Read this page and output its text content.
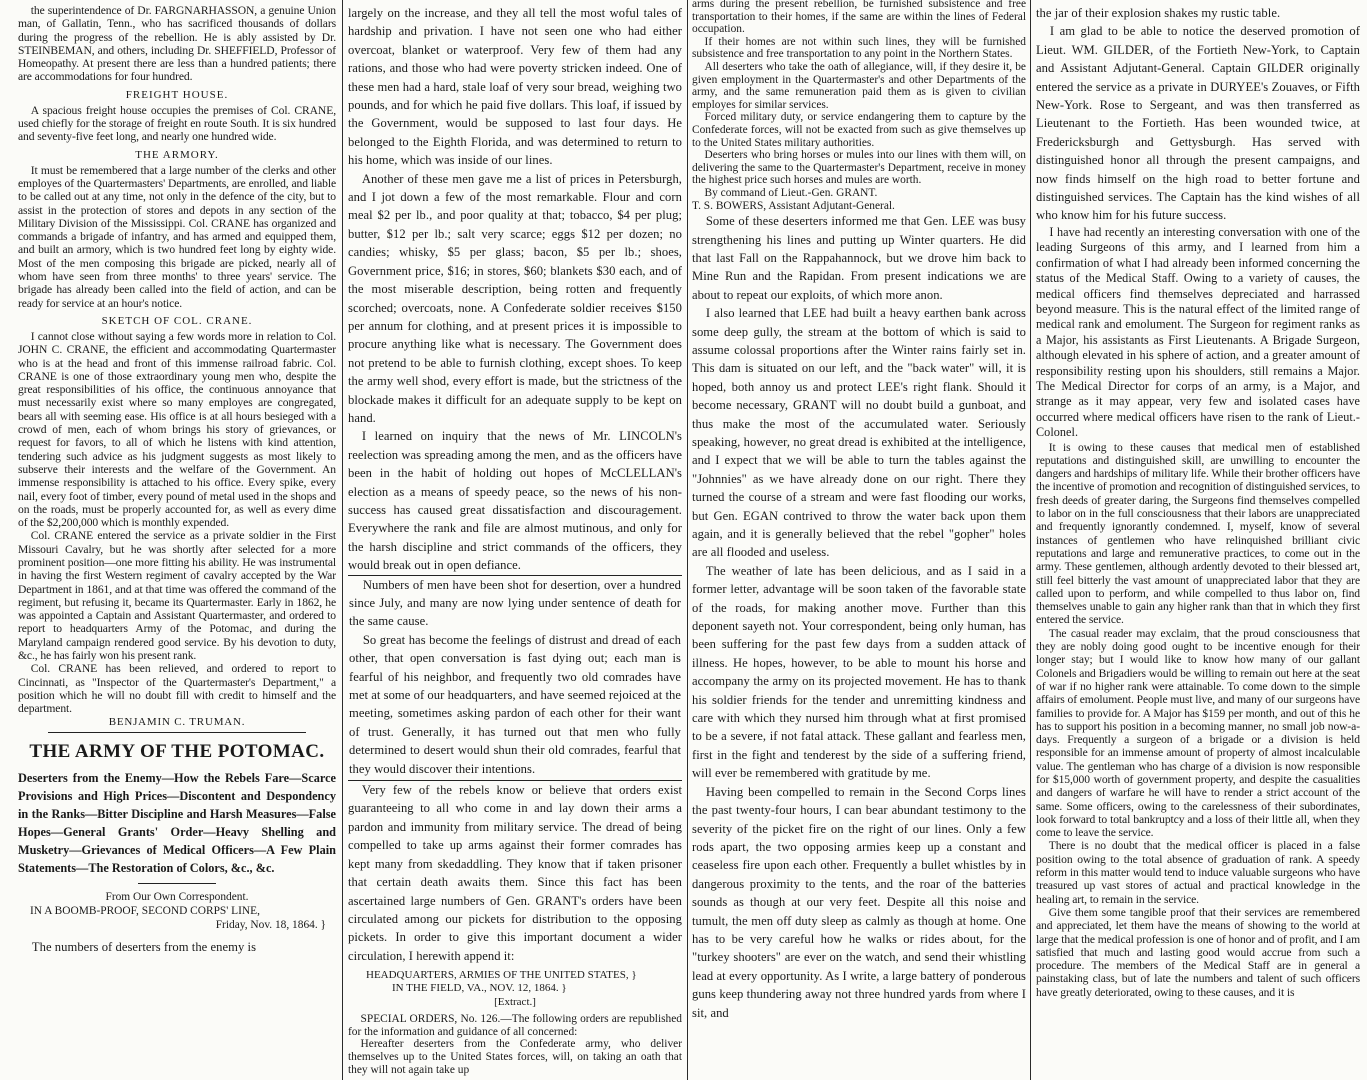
the superintendence of Dr. FARGNARHASSON, a genuine Union man, of Gallatin, Tenn., who has sacrificed thousands of dollars during the progress of the rebellion. He is ably assisted by Dr. STEINBEMAN, and others, including Dr. SHEFFIELD, Professor of Homeopathy. At present there are less than a hundred patients; there are accommodations for four hundred.

FREIGHT HOUSE.

A spacious freight house occupies the premises of Col. CRANE, used chiefly for the storage of freight en route South. It is six hundred and seventy-five feet long, and nearly one hundred wide.

THE ARMORY.

It must be remembered that a large number of the clerks and other employes of the Quartermasters' Departments, are enrolled, and liable to be called out at any time, not only in the defence of the city, but to assist in the protection of stores and depots in any section of the Military Division of the Mississippi. Col. CRANE has organized and commands a brigade of infantry, and has armed and equipped them, and built an armory, which is two hundred feet long by eighty wide. Most of the men composing this brigade are picked, nearly all of whom have seen from three months' to three years' service. The brigade has already been called into the field of action, and can be ready for service at an hour's notice.

SKETCH OF COL. CRANE.

I cannot close without saying a few words more in relation to Col. JOHN C. CRANE, the efficient and accommodating Quartermaster who is at the head and front of this immense railroad fabric. Col. CRANE is one of those extraordinary young men who, despite the great responsibilities of his office, the continuous annoyance that must necessarily exist where so many employes are congregated, bears all with seeming ease. His office is at all hours besieged with a crowd of men, each of whom brings his story of grievances, or request for favors, to all of which he listens with kind attention, tendering such advice as his judgment suggests as most likely to subserve their interests and the welfare of the Government. An immense responsibility is attached to his office. Every spike, every nail, every foot of timber, every pound of metal used in the shops and on the roads, must be properly accounted for, as well as every dime of the $2,200,000 which is monthly expended.

Col. CRANE entered the service as a private soldier in the First Missouri Cavalry, but he was shortly after selected for a more prominent position—one more fitting his ability. He was instrumental in having the first Western regiment of cavalry accepted by the War Department in 1861, and at that time was offered the command of the regiment, but refusing it, became its Quartermaster. Early in 1862, he was appointed a Captain and Assistant Quartermaster, and ordered to report to headquarters Army of the Potomac, and during the Maryland campaign rendered good service. By his devotion to duty, &c., he has fairly won his present rank.

Col. CRANE has been relieved, and ordered to report to Cincinnati, as "Inspector of the Quartermaster's Department," a position which he will no doubt fill with credit to himself and the department.

BENJAMIN C. TRUMAN.

THE ARMY OF THE POTOMAC.

Deserters from the Enemy—How the Rebels Fare—Scarce Provisions and High Prices—Discontent and Despondency in the Ranks—Bitter Discipline and Harsh Measures—False Hopes—General Grants' Order—Heavy Shelling and Musketry—Grievances of Medical Officers—A Few Plain Statements—The Restoration of Colors, &c., &c.

From Our Own Correspondent.
IN A BOOMB-PROOF, SECOND CORPS' LINE,
Friday, Nov. 18, 1864. }

The numbers of deserters from the enemy is

largely on the increase, and they all tell the most woful tales of hardship and privation. I have not seen one who had either overcoat, blanket or waterproof. Very few of them had any rations, and those who had were poverty stricken indeed. One of these men had a hard, stale loaf of very sour bread, weighing two pounds, and for which he paid five dollars. This loaf, if issued by the Government, would be supposed to last four days. He belonged to the Eighth Florida, and was determined to return to his home, which was inside of our lines.

Another of these men gave me a list of prices in Petersburgh, and I jot down a few of the most remarkable. Flour and corn meal $2 per lb., and poor quality at that; tobacco, $4 per plug; butter, $12 per lb.; salt very scarce; eggs $12 per dozen; no candies; whisky, $5 per glass; bacon, $5 per lb.; shoes, Government price, $16; in stores, $60; blankets $30 each, and of the most miserable description, being rotten and frequently scorched; overcoats, none. A Confederate soldier receives $150 per annum for clothing, and at present prices it is impossible to procure anything like what is necessary. The Government does not pretend to be able to furnish clothing, except shoes. To keep the army well shod, every effort is made, but the strictness of the blockade makes it difficult for an adequate supply to be kept on hand.

I learned on inquiry that the news of Mr. LINCOLN's reelection was spreading among the men, and as the officers have been in the habit of holding out hopes of McCLELLAN's election as a means of speedy peace, so the news of his non-success has caused great dissatisfaction and discouragement. Everywhere the rank and file are almost mutinous, and only for the harsh discipline and strict commands of the officers, they would break out in open defiance.

Numbers of men have been shot for desertion, over a hundred since July, and many are now lying under sentence of death for the same cause.

So great has become the feelings of distrust and dread of each other, that open conversation is fast dying out; each man is fearful of his neighbor, and frequently two old comrades have met at some of our headquarters, and have seemed rejoiced at the meeting, sometimes asking pardon of each other for their want of trust. Generally, it has turned out that men who fully determined to desert would shun their old comrades, fearful that they would discover their intentions.

Very few of the rebels know or believe that orders exist guaranteeing to all who come in and lay down their arms a pardon and immunity from military service. The dread of being compelled to take up arms against their former comrades has kept many from skedaddling. They know that if taken prisoner that certain death awaits them. Since this fact has been ascertained large numbers of Gen. GRANT's orders have been circulated among our pickets for distribution to the opposing pickets. In order to give this important document a wider circulation, I herewith append it:

HEADQUARTERS, ARMIES OF THE UNITED STATES, }

IN THE FIELD, VA., NOV. 12, 1864. }

[Extract.]

SPECIAL ORDERS, No. 126.—The following orders are republished for the information and guidance of all concerned:

Hereafter deserters from the Confederate army, who deliver themselves up to the United States forces, will, on taking an oath that they will not again take up

arms during the present rebellion, be furnished subsistence and free transportation to their homes, if the same are within the lines of Federal occupation.

If their homes are not within such lines, they will be furnished subsistence and free transportation to any point in the Northern States.

All deserters who take the oath of allegiance, will, if they desire it, be given employment in the Quartermaster's and other Departments of the army, and the same remuneration paid them as is given to civilian employes for similar services.

Forced military duty, or service endangering them to capture by the Confederate forces, will not be exacted from such as give themselves up to the United States military authorities.

Deserters who bring horses or mules into our lines with them will, on delivering the same to the Quartermaster's Department, receive in money the highest price such horses and mules are worth.

By command of Lieut.-Gen. GRANT.

T. S. BOWERS, Assistant Adjutant-General.

Some of these deserters informed me that Gen. LEE was busy strengthening his lines and putting up Winter quarters. He did that last Fall on the Rappahannock, but we drove him back to Mine Run and the Rapidan. From present indications we are about to repeat our exploits, of which more anon.

I also learned that LEE had built a heavy earthen bank across some deep gully, the stream at the bottom of which is said to assume colossal proportions after the Winter rains fairly set in. This dam is situated on our left, and the "back water" will, it is hoped, both annoy us and protect LEE's right flank. Should it become necessary, GRANT will no doubt build a gunboat, and thus make the most of the accumulated water. Seriously speaking, however, no great dread is exhibited at the intelligence, and I expect that we will be able to turn the tables against the "Johnnies" as we have already done on our right. There they turned the course of a stream and were fast flooding our works, but Gen. EGAN contrived to throw the water back upon them again, and it is generally believed that the rebel "gopher" holes are all flooded and useless.

The weather of late has been delicious, and as I said in a former letter, advantage will be soon taken of the favorable state of the roads, for making another move. Further than this deponent sayeth not. Your correspondent, being only human, has been suffering for the past few days from a sudden attack of illness. He hopes, however, to be able to mount his horse and accompany the army on its projected movement. He has to thank his soldier friends for the tender and unremitting kindness and care with which they nursed him through what at first promised to be a severe, if not fatal attack. These gallant and fearless men, first in the fight and tenderest by the side of a suffering friend, will ever be remembered with gratitude by me.

Having been compelled to remain in the Second Corps lines the past twenty-four hours, I can bear abundant testimony to the severity of the picket fire on the right of our lines. Only a few rods apart, the two opposing armies keep up a constant and ceaseless fire upon each other. Frequently a bullet whistles by in dangerous proximity to the tents, and the roar of the batteries sounds as though at our very feet. Despite all this noise and tumult, the men off duty sleep as calmly as though at home. One has to be very careful how he walks or rides about, for the "turkey shooters" are ever on the watch, and send their whistling lead at every opportunity. As I write, a large battery of ponderous guns keep thundering away not three hundred yards from where I sit, and

the jar of their explosion shakes my rustic table.

I am glad to be able to notice the deserved promotion of Lieut. WM. GILDER, of the Fortieth New-York, to Captain and Assistant Adjutant-General. Captain GILDER originally entered the service as a private in DURYEE's Zouaves, or Fifth New-York. Rose to Sergeant, and was then transferred as Lieutenant to the Fortieth. Has been wounded twice, at Fredericksburgh and Gettysburgh. Has served with distinguished honor all through the present campaigns, and now finds himself on the high road to better fortune and distinguished services. The Captain has the kind wishes of all who know him for his future success.

I have had recently an interesting conversation with one of the leading Surgeons of this army, and I learned from him a confirmation of what I had already been informed concerning the status of the Medical Staff. Owing to a variety of causes, the medical officers find themselves depreciated and harrassed beyond measure. This is the natural effect of the limited range of medical rank and emolument. The Surgeon for regiment ranks as a Major, his assistants as First Lieutenants. A Brigade Surgeon, although elevated in his sphere of action, and a greater amount of responsibility resting upon his shoulders, still remains a Major. The Medical Director for corps of an army, is a Major, and strange as it may appear, very few and isolated cases have occurred where medical officers have risen to the rank of Lieut.-Colonel.

It is owing to these causes that medical men of established reputations and distinguished skill, are unwilling to encounter the dangers and hardships of military life. While their brother officers have the incentive of promotion and recognition of distinguished services, to fresh deeds of greater daring, the Surgeons find themselves compelled to labor on in the full consciousness that their labors are unappreciated and frequently ignorantly condemned. I, myself, know of several instances of gentlemen who have relinquished brilliant civic reputations and large and remunerative practices, to come out in the army. These gentlemen, although ardently devoted to their blessed art, still feel bitterly the vast amount of unappreciated labor that they are called upon to perform, and while compelled to thus labor on, find themselves unable to gain any higher rank than that in which they first entered the service.

The casual reader may exclaim, that the proud consciousness that they are nobly doing good ought to be incentive enough for their longer stay; but I would like to know how many of our gallant Colonels and Brigadiers would be willing to remain out here at the seat of war if no higher rank were attainable. To come down to the simple affairs of emolument. People must live, and many of our surgeons have families to provide for. A Major has $159 per month, and out of this he has to support his position in a becoming manner, no small job now-a-days. Frequently a surgeon of a brigade or a division is held responsible for an immense amount of property of almost incalculable value. The gentleman who has charge of a division is now responsible for $15,000 worth of government property, and despite the casualities and dangers of warfare he will have to render a strict account of the same. Some officers, owing to the carelessness of their subordinates, look forward to total bankruptcy and a loss of their little all, when they come to leave the service.

There is no doubt that the medical officer is placed in a false position owing to the total absence of graduation of rank. A speedy reform in this matter would tend to induce valuable surgeons who have treasured up vast stores of actual and practical knowledge in the healing art, to remain in the service.

Give them some tangible proof that their services are remembered and appreciated, let them have the means of showing to the world at large that the medical profession is one of honor and of profit, and I am satisfied that much and lasting good would accrue from such a procedure. The members of the Medical Staff are in general a painstaking class, but of late the numbers and talent of such officers have greatly deteriorated, owing to these causes, and it is
